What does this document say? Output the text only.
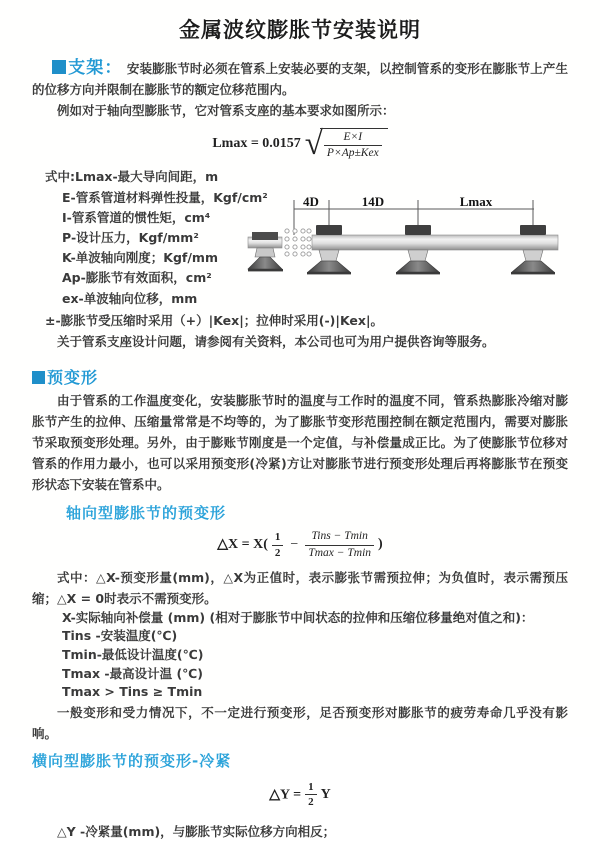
金属波纹膨胀节安装说明

支架： 安装膨胀节时必须在管系上安装必要的支架，以控制管系的变形在膨胀节上产生的位移方向并限制在膨胀节的额定位移范围内。

例如对于轴向型膨胀节，它对管系支座的基本要求如图所示：

Lmax = 0.0157 √ $\frac{E\times I}{\text{P×Ap±Kex}}$
式中:Lmax-最大导向间距，m
E-管系管道材料弹性投量，Kgf/cm²
I-管系管道的惯性矩，cm⁴
P-设计压力，Kgf/mm²
K-单波轴向刚度；Kgf/mm
Ap-膨胀节有效面积，cm²
ex-单波轴向位移，mm
4D	14D	Lmax

±-膨胀节受压缩时采用（+）|Kex|；拉伸时采用(-)|Kex|。

关于管系支座设计问题，请参阅有关资料，本公司也可为用户提供咨询等服务。

预变形

由于管系的工作温度变化，安装膨胀节时的温度与工作时的温度不同，管系热膨胀冷缩对膨胀节产生的拉伸、压缩量常常是不均等的，为了膨胀节变形范围控制在额定范围内，需要对膨胀节采取预变形处理。另外，由于膨账节刚度是一个定值，与补偿量成正比。为了使膨胀节位移对管系的作用力最小，也可以采用预变形(冷紧)方让对膨胀节进行预变形处理后再将膨胀节在预变形状态下安装在管系中。

轴向型膨胀节的预变形
△X = $X( \frac{1}{2} - \frac{\text{Tins − Tmin}}{Tmax - Tmin}$ )

式中：△X-预变形量(mm)，△X为正值时，表示膨张节需预拉伸；为负值时，表示需预压缩；△X = 0时表示不需预变形。

X-实际轴向补偿量 (mm) (相对于膨胀节中间状态的拉伸和压缩位移量绝对值之和)：
Tins -安装温度(℃)
Tmin-最低设计温度(℃)
Tmax -最高设计温 (℃)
Tmax > Tins ≥ Tmin

一般变形和受力情况下，不一定进行预变形，足否预变形对膨胀节的疲劳寿命几乎没有影响。

横向型膨胀节的预变形-冷紧
△Y = $\frac{1}{2}$ Y

△Y -冷紧量(mm)，与膨胀节实际位移方向相反；
